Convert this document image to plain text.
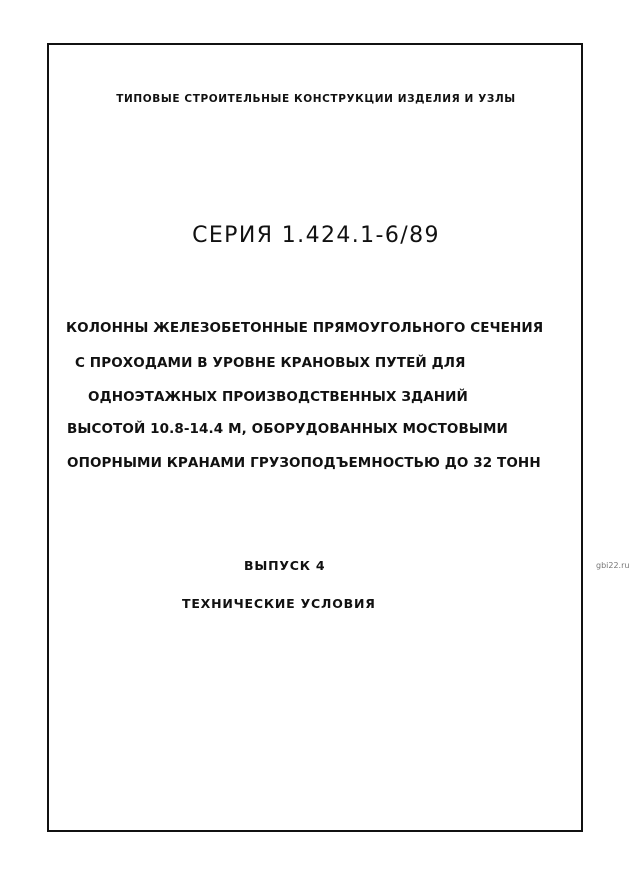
ТИПОВЫЕ СТРОИТЕЛЬНЫЕ КОНСТРУКЦИИ ИЗДЕЛИЯ И УЗЛЫ
СЕРИЯ 1.424.1-6/89
КОЛОННЫ ЖЕЛЕЗОБЕТОННЫЕ ПРЯМОУГОЛЬНОГО СЕЧЕНИЯ
С ПРОХОДАМИ В УРОВНЕ КРАНОВЫХ ПУТЕЙ ДЛЯ
ОДНОЭТАЖНЫХ ПРОИЗВОДСТВЕННЫХ ЗДАНИЙ
ВЫСОТОЙ 10.8-14.4 М, ОБОРУДОВАННЫХ МОСТОВЫМИ
ОПОРНЫМИ КРАНАМИ ГРУЗОПОДЪЕМНОСТЬЮ ДО 32 ТОНН
ВЫПУСК 4
ТЕХНИЧЕСКИЕ УСЛОВИЯ
gbi22.ru
